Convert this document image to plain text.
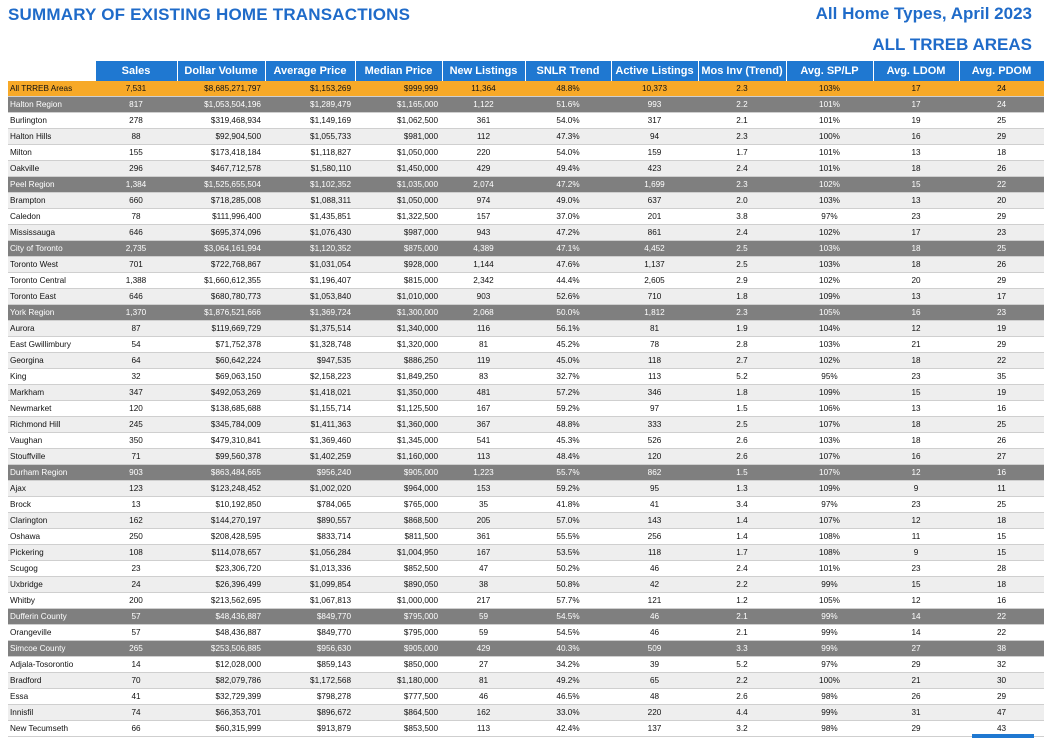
SUMMARY OF EXISTING HOME TRANSACTIONS	All Home Types, April 2023
ALL TRREB AREAS
	Sales	Dollar Volume	Average Price	Median Price	New Listings	SNLR Trend	Active Listings	Mos Inv (Trend)	Avg. SP/LP	Avg. LDOM	Avg. PDOM
All TRREB Areas	7,531	$8,685,271,797	$1,153,269	$999,999	11,364	48.8%	10,373	2.3	103%	17	24
Halton Region	817	$1,053,504,196	$1,289,479	$1,165,000	1,122	51.6%	993	2.2	101%	17	24
Burlington	278	$319,468,934	$1,149,169	$1,062,500	361	54.0%	317	2.1	101%	19	25
Halton Hills	88	$92,904,500	$1,055,733	$981,000	112	47.3%	94	2.3	100%	16	29
Milton	155	$173,418,184	$1,118,827	$1,050,000	220	54.0%	159	1.7	101%	13	18
Oakville	296	$467,712,578	$1,580,110	$1,450,000	429	49.4%	423	2.4	101%	18	26
Peel Region	1,384	$1,525,655,504	$1,102,352	$1,035,000	2,074	47.2%	1,699	2.3	102%	15	22
Brampton	660	$718,285,008	$1,088,311	$1,050,000	974	49.0%	637	2.0	103%	13	20
Caledon	78	$111,996,400	$1,435,851	$1,322,500	157	37.0%	201	3.8	97%	23	29
Mississauga	646	$695,374,096	$1,076,430	$987,000	943	47.2%	861	2.4	102%	17	23
City of Toronto	2,735	$3,064,161,994	$1,120,352	$875,000	4,389	47.1%	4,452	2.5	103%	18	25
Toronto West	701	$722,768,867	$1,031,054	$928,000	1,144	47.6%	1,137	2.5	103%	18	26
Toronto Central	1,388	$1,660,612,355	$1,196,407	$815,000	2,342	44.4%	2,605	2.9	102%	20	29
Toronto East	646	$680,780,773	$1,053,840	$1,010,000	903	52.6%	710	1.8	109%	13	17
York Region	1,370	$1,876,521,666	$1,369,724	$1,300,000	2,068	50.0%	1,812	2.3	105%	16	23
Aurora	87	$119,669,729	$1,375,514	$1,340,000	116	56.1%	81	1.9	104%	12	19
East Gwillimbury	54	$71,752,378	$1,328,748	$1,320,000	81	45.2%	78	2.8	103%	21	29
Georgina	64	$60,642,224	$947,535	$886,250	119	45.0%	118	2.7	102%	18	22
King	32	$69,063,150	$2,158,223	$1,849,250	83	32.7%	113	5.2	95%	23	35
Markham	347	$492,053,269	$1,418,021	$1,350,000	481	57.2%	346	1.8	109%	15	19
Newmarket	120	$138,685,688	$1,155,714	$1,125,500	167	59.2%	97	1.5	106%	13	16
Richmond Hill	245	$345,784,009	$1,411,363	$1,360,000	367	48.8%	333	2.5	107%	18	25
Vaughan	350	$479,310,841	$1,369,460	$1,345,000	541	45.3%	526	2.6	103%	18	26
Stouffville	71	$99,560,378	$1,402,259	$1,160,000	113	48.4%	120	2.6	107%	16	27
Durham Region	903	$863,484,665	$956,240	$905,000	1,223	55.7%	862	1.5	107%	12	16
Ajax	123	$123,248,452	$1,002,020	$964,000	153	59.2%	95	1.3	109%	9	11
Brock	13	$10,192,850	$784,065	$765,000	35	41.8%	41	3.4	97%	23	25
Clarington	162	$144,270,197	$890,557	$868,500	205	57.0%	143	1.4	107%	12	18
Oshawa	250	$208,428,595	$833,714	$811,500	361	55.5%	256	1.4	108%	11	15
Pickering	108	$114,078,657	$1,056,284	$1,004,950	167	53.5%	118	1.7	108%	9	15
Scugog	23	$23,306,720	$1,013,336	$852,500	47	50.2%	46	2.4	101%	23	28
Uxbridge	24	$26,396,499	$1,099,854	$890,050	38	50.8%	42	2.2	99%	15	18
Whitby	200	$213,562,695	$1,067,813	$1,000,000	217	57.7%	121	1.2	105%	12	16
Dufferin County	57	$48,436,887	$849,770	$795,000	59	54.5%	46	2.1	99%	14	22
Orangeville	57	$48,436,887	$849,770	$795,000	59	54.5%	46	2.1	99%	14	22
Simcoe County	265	$253,506,885	$956,630	$905,000	429	40.3%	509	3.3	99%	27	38
Adjala-Tosorontio	14	$12,028,000	$859,143	$850,000	27	34.2%	39	5.2	97%	29	32
Bradford	70	$82,079,786	$1,172,568	$1,180,000	81	49.2%	65	2.2	100%	21	30
Essa	41	$32,729,399	$798,278	$777,500	46	46.5%	48	2.6	98%	26	29
Innisfil	74	$66,353,701	$896,672	$864,500	162	33.0%	220	4.4	99%	31	47
New Tecumseth	66	$60,315,999	$913,879	$853,500	113	42.4%	137	3.2	98%	29	43
